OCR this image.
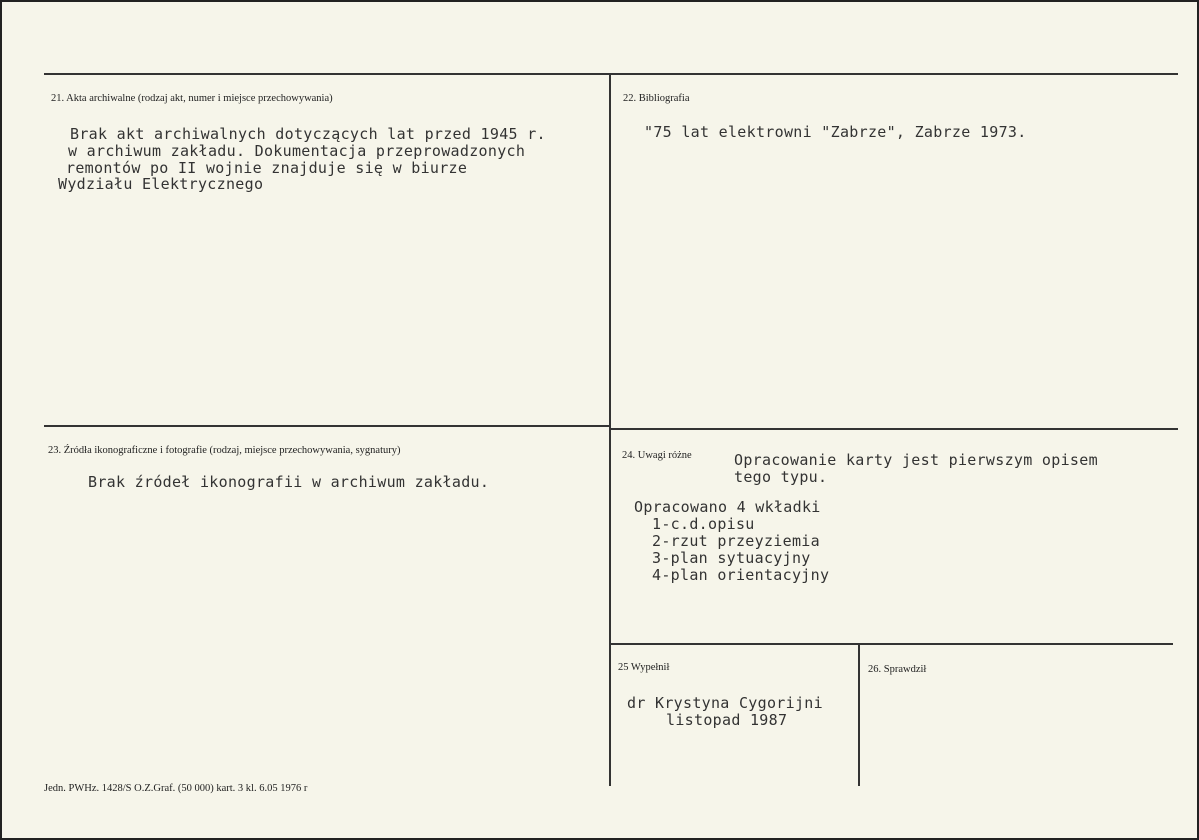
21. Akta archiwalne (rodzaj akt, numer i miejsce przechowywania)
Brak akt archiwalnych dotyczących lat przed 1945 r.
w archiwum zakładu. Dokumentacja przeprowadzonych
remontów po II wojnie znajduje się w biurze
Wydziału Elektrycznego
22. Bibliografia
"75 lat elektrowni "Zabrze", Zabrze 1973.
23. Źródła ikonograficzne i fotografie (rodzaj, miejsce przechowywania, sygnatury)
Brak źródeł ikonografii w archiwum zakładu.
24. Uwagi różne	Opracowanie karty jest pierwszym opisem
tego typu.
Opracowano 4 wkładki
1-c.d.opisu
2-rzut przeyziemia
3-plan sytuacyjny
4-plan orientacyjny
25 Wypełnił
dr Krystyna Cygorijni
listopad 1987
26. Sprawdził
Jedn. PWHz. 1428/S O.Z.Graf. (50 000) kart. 3 kl. 6.05 1976 r
